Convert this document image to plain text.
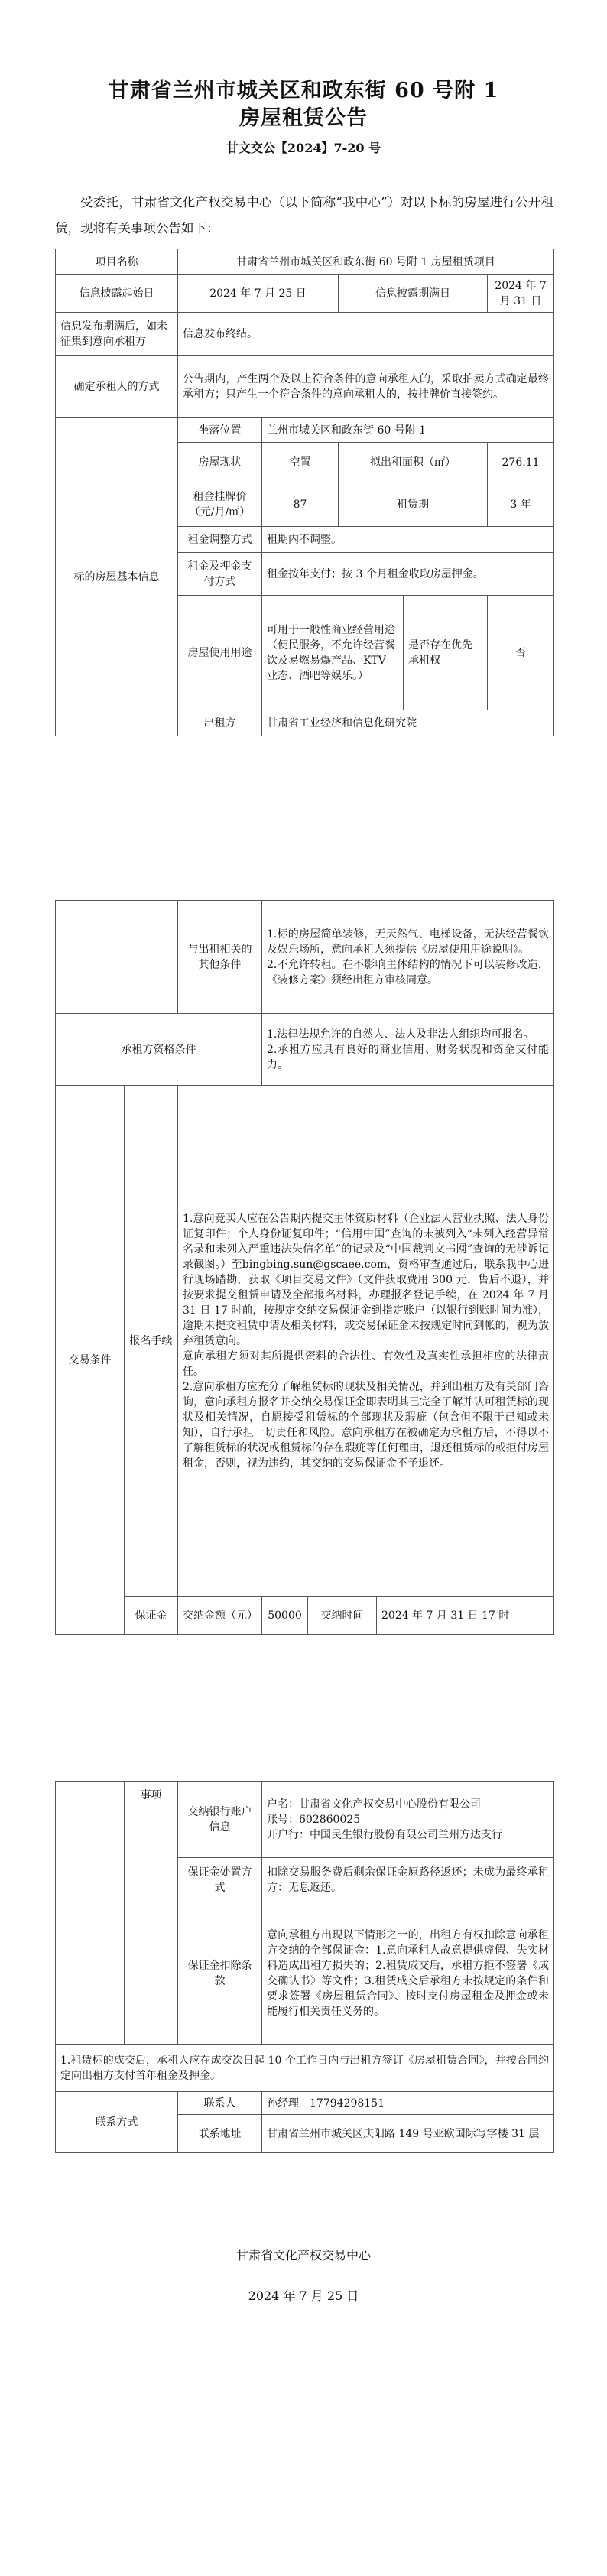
甘肃省兰州市城关区和政东街 60 号附 1
房屋租赁公告
甘文交公【2024】7-20 号

受委托，甘肃省文化产权交易中心（以下简称“我中心”）对以下标的房屋进行公开租赁，现将有关事项公告如下：

项目名称	甘肃省兰州市城关区和政东街 60 号附 1 房屋租赁项目				
信息披露起始日	2024 年 7 月 25 日		信息披露期满日		2024 年 7 月 31 日
信息发布期满后，如未征集到意向承租方	信息发布终结。				
确定承租人的方式	公告期内，产生两个及以上符合条件的意向承租人的，采取拍卖方式确定最终承租方；只产生一个符合条件的意向承租人的，按挂牌价直接签约。				
标的房屋基本信息	坐落位置	兰州市城关区和政东街 60 号附 1			
	房屋现状	空置	拟出租面积（㎡）		276.11
	租金挂牌价（元/月/㎡）	87	租赁期		3 年
	租金调整方式	租期内不调整。			
	租金及押金支付方式	租金按年支付；按 3 个月租金收取房屋押金。			
	房屋使用用途	可用于一般性商业经营用途（便民服务，不允许经营餐饮及易燃易爆产品、KTV 业态、酒吧等娱乐。）		是否存在优先承租权	否
	出租方	甘肃省工业经济和信息化研究院			
		与出租相关的其他条件	1.标的房屋简单装修，无天然气、电梯设备，无法经营餐饮及娱乐场所，意向承租人须提供《房屋使用用途说明》。
2.不允许转租。在不影响主体结构的情况下可以装修改造，《装修方案》须经出租方审核同意。		
承租方资格条件			1.法律法规允许的自然人、法人及非法人组织均可报名。
2.承租方应具有良好的商业信用、财务状况和资金支付能力。		
交易条件	报名手续	1.意向竞买人应在公告期内提交主体资质材料（企业法人营业执照、法人身份证复印件；个人身份证复印件；“信用中国”查询的未被列入“未列入经营异常名录和未列入严重违法失信名单”的记录及“中国裁判文书网”查询的无涉诉记录截图。）至bingbing.sun@gscaee.com，资格审查通过后，联系我中心进行现场踏勘，获取《项目交易文件》（文件获取费用 300 元，售后不退），并按要求提交租赁申请及全部报名材料，办理报名登记手续，在 2024 年 7 月 31 日 17 时前，按规定交纳交易保证金到指定账户（以银行到账时间为准），逾期未提交租赁申请及相关材料，或交易保证金未按规定时间到帐的，视为放弃租赁意向。
意向承租方须对其所提供资料的合法性、有效性及真实性承担相应的法律责任。
2.意向承租方应充分了解租赁标的现状及相关情况，并到出租方及有关部门咨询，意向承租方报名并交纳交易保证金即表明其已完全了解并认可租赁标的现状及相关情况，自愿接受租赁标的全部现状及瑕疵（包含但不限于已知或未知），自行承担一切责任和风险。意向承租方在被确定为承租方后，不得以不了解租赁标的状况或租赁标的存在瑕疵等任何理由，退还租赁标的或拒付房屋租金，否则，视为违约，其交纳的交易保证金不予退还。			
	保证金	交纳金额（元）	50000	交纳时间	2024 年 7 月 31 日 17 时
	事项	交纳银行账户信息	户名：甘肃省文化产权交易中心股份有限公司
账号：602860025
开户行：中国民生银行股份有限公司兰州方达支行
		保证金处置方式	扣除交易服务费后剩余保证金原路径返还；未成为最终承租方：无息返还。
		保证金扣除条款	意向承租方出现以下情形之一的，出租方有权扣除意向承租方交纳的全部保证金：1.意向承租人故意提供虚假、失实材料造成出租方损失的；2.租赁成交后，承租方拒不签署《成交确认书》等文件；3.租赁成交后承租方未按规定的条件和要求签署《房屋租赁合同》、按时支付房屋租金及押金或未能履行相关责任义务的。
1.租赁标的成交后，承租人应在成交次日起 10 个工作日内与出租方签订《房屋租赁合同》，并按合同约定向出租方支付首年租金及押金。			
联系方式		联系人	孙经理　17794298151
		联系地址	甘肃省兰州市城关区庆阳路 149 号亚欧国际写字楼 31 层
甘肃省文化产权交易中心
2024 年 7 月 25 日
